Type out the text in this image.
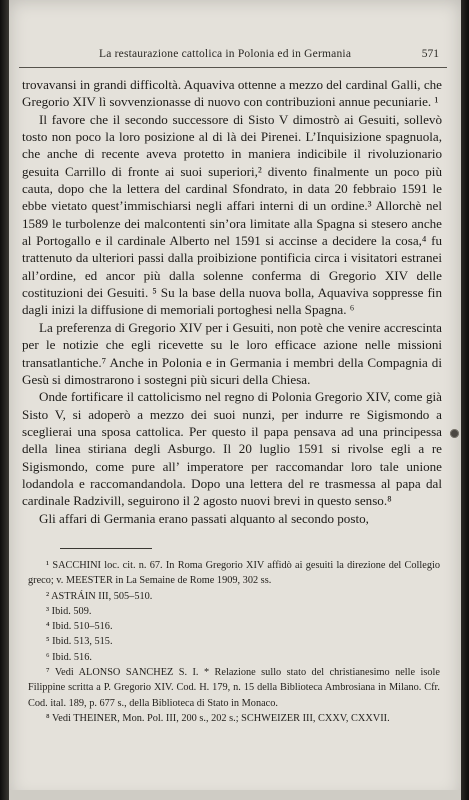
La restaurazione cattolica in Polonia ed in Germania	571

trovavansi in grandi difficoltà. Aquaviva ottenne a mezzo del cardinal Galli, che Gregorio XIV lì sovvenzionasse di nuovo con contribuzioni annue pecuniarie. ¹

Il favore che il secondo successore di Sisto V dimostrò ai Gesuiti, sollevò tosto non poco la loro posizione al di là dei Pirenei. L’Inquisizione spagnuola, che anche di recente aveva protetto in maniera indicibile il rivoluzionario gesuita Carrillo di fronte ai suoi superiori,² divento finalmente un poco più cauta, dopo che la lettera del cardinal Sfondrato, in data 20 febbraio 1591 le ebbe vietato quest’immischiarsi negli affari interni di un ordine.³ Allorchè nel 1589 le turbolenze dei malcontenti sin’ora limitate alla Spagna si stesero anche al Portogallo e il cardinale Alberto nel 1591 si accinse a decidere la cosa,⁴ fu trattenuto da ulteriori passi dalla proibizione pontificia circa i visitatori estranei all’ordine, ed ancor più dalla solenne conferma di Gregorio XIV delle costituzioni dei Gesuiti. ⁵ Su la base della nuova bolla, Aquaviva soppresse fin dagli inizi la diffusione di memoriali portoghesi nella Spagna. ⁶

La preferenza di Gregorio XIV per i Gesuiti, non potè che venire accrescinta per le notizie che egli ricevette su le loro efficace azione nelle missioni transatlantiche.⁷ Anche in Polonia e in Germania i membri della Compagnia di Gesù si dimostrarono i sostegni più sicuri della Chiesa.

Onde fortificare il cattolicismo nel regno di Polonia Gregorio XIV, come già Sisto V, si adoperò a mezzo dei suoi nunzi, per indurre re Sigismondo a sceglierai una sposa cattolica. Per questo il papa pensava ad una principessa della linea stiriana degli Asburgo. Il 20 luglio 1591 si rivolse egli a re Sigismondo, come pure all’ imperatore per raccomandar loro tale unione lodandola e raccomandandola. Dopo una lettera del re trasmessa al papa dal cardinale Radzivill, seguirono il 2 agosto nuovi brevi in questo senso.⁸

Gli affari di Germania erano passati alquanto al secondo posto,

¹ SACCHINI loc. cit. n. 67. In Roma Gregorio XIV affidò ai gesuiti la direzione del Collegio greco; v. MEESTER in La Semaine de Rome 1909, 302 ss.

² ASTRÁIN III, 505–510.

³ Ibid. 509.

⁴ Ibid. 510–516.

⁵ Ibid. 513, 515.

⁶ Ibid. 516.

⁷ Vedi ALONSO SANCHEZ S. I. * Relazione sullo stato del christianesimo nelle isole Filippine scritta a P. Gregorio XIV. Cod. H. 179, n. 15 della Biblioteca Ambrosiana in Milano. Cfr. Cod. ital. 189, p. 677 s., della Biblioteca di Stato in Monaco.

⁸ Vedi THEINER, Mon. Pol. III, 200 s., 202 s.; SCHWEIZER III, CXXV, CXXVII.
